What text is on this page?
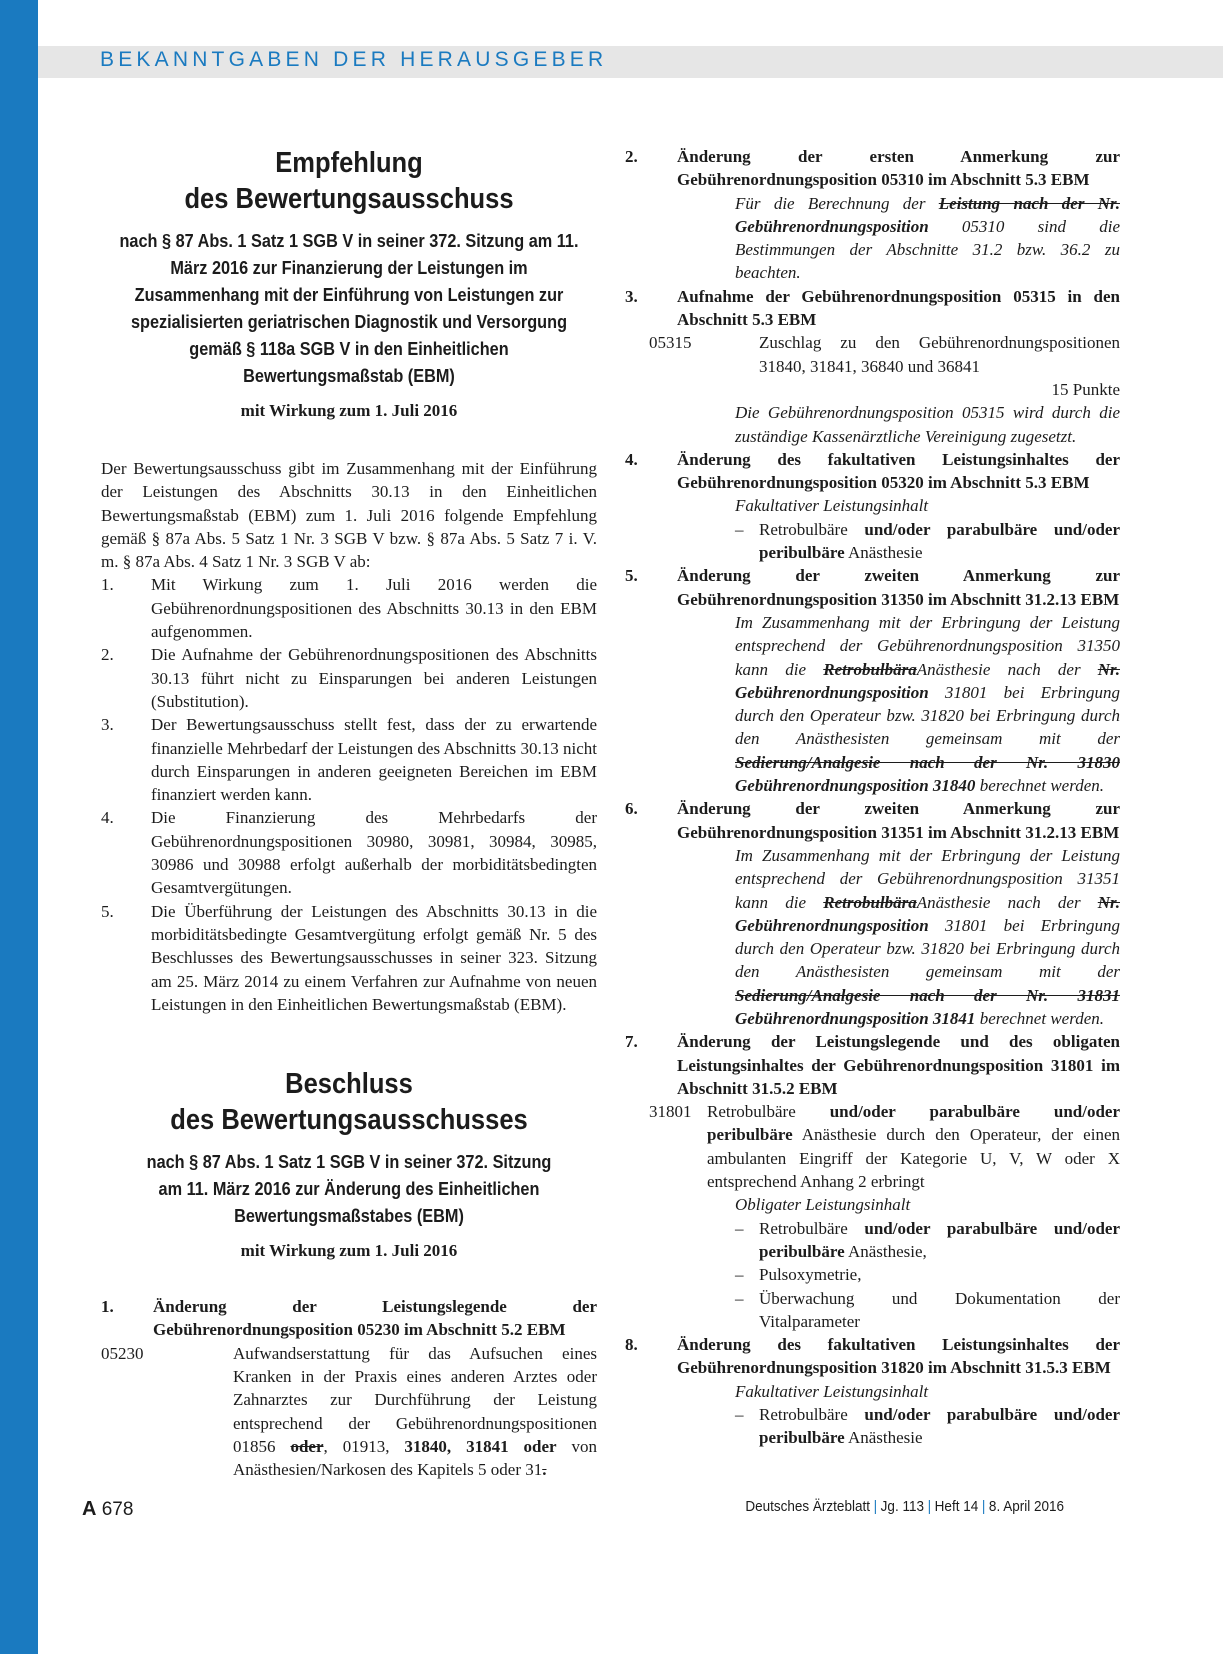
BEKANNTGABEN DER HERAUSGEBER
Empfehlung
des Bewertungsausschuss
nach § 87 Abs. 1 Satz 1 SGB V in seiner 372. Sitzung am 11. März 2016 zur Finanzierung der Leistungen im Zusammenhang mit der Einführung von Leistungen zur spezialisierten geriatrischen Diagnostik und Versorgung gemäß § 118a SGB V in den Einheitlichen Bewertungsmaßstab (EBM)
mit Wirkung zum 1. Juli 2016

Der Bewertungsausschuss gibt im Zusammenhang mit der Einführung der Leistungen des Abschnitts 30.13 in den Einheitlichen Bewertungsmaßstab (EBM) zum 1. Juli 2016 folgende Empfehlung gemäß § 87a Abs. 5 Satz 1 Nr. 3 SGB V bzw. § 87a Abs. 5 Satz 7 i. V. m. § 87a Abs. 4 Satz 1 Nr. 3 SGB V ab:

1.	Mit Wirkung zum 1. Juli 2016 werden die Gebührenordnungspositionen des Abschnitts 30.13 in den EBM aufgenommen.
2.	Die Aufnahme der Gebührenordnungspositionen des Abschnitts 30.13 führt nicht zu Einsparungen bei anderen Leistungen (Substitution).
3.	Der Bewertungsausschuss stellt fest, dass der zu erwartende finanzielle Mehrbedarf der Leistungen des Abschnitts 30.13 nicht durch Einsparungen in anderen geeigneten Bereichen im EBM finanziert werden kann.
4.	Die Finanzierung des Mehrbedarfs der Gebührenordnungspositionen 30980, 30981, 30984, 30985, 30986 und 30988 erfolgt außerhalb der morbiditätsbedingten Gesamtvergütungen.
5.	Die Überführung der Leistungen des Abschnitts 30.13 in die morbiditätsbedingte Gesamtvergütung erfolgt gemäß Nr. 5 des Beschlusses des Bewertungsausschusses in seiner 323. Sitzung am 25. März 2014 zu einem Verfahren zur Aufnahme von neuen Leistungen in den Einheitlichen Bewertungsmaßstab (EBM).
Beschluss
des Bewertungsausschusses
nach § 87 Abs. 1 Satz 1 SGB V in seiner 372. Sitzung am 11. März 2016 zur Änderung des Einheitlichen Bewertungsmaßstabes (EBM)
mit Wirkung zum 1. Juli 2016
1.	Änderung der Leistungslegende der Gebührenordnungsposition 05230 im Abschnitt 5.2 EBM
05230	Aufwandserstattung für das Aufsuchen eines Kranken in der Praxis eines anderen Arztes oder Zahnarztes zur Durchführung der Leistung entsprechend der Gebührenordnungspositionen 01856 oder, 01913, 31840, 31841 oder von Anästhesien/Narkosen des Kapitels 5 oder 31.
2.	Änderung der ersten Anmerkung zur Gebührenordnungsposition 05310 im Abschnitt 5.3 EBM
Für die Berechnung der Leistung nach der Nr. Gebührenordnungsposition 05310 sind die Bestimmungen der Abschnitte 31.2 bzw. 36.2 zu beachten.
3.	Aufnahme der Gebührenordnungsposition 05315 in den Abschnitt 5.3 EBM
05315	Zuschlag zu den Gebührenordnungspositionen 31840, 31841, 36840 und 36841
15 Punkte
Die Gebührenordnungsposition 05315 wird durch die zuständige Kassenärztliche Vereinigung zugesetzt.
4.	Änderung des fakultativen Leistungsinhaltes der Gebührenordnungsposition 05320 im Abschnitt 5.3 EBM
Fakultativer Leistungsinhalt
– Retrobulbäre und/oder parabulbäre und/oder peribulbäre Anästhesie
5.	Änderung der zweiten Anmerkung zur Gebührenordnungsposition 31350 im Abschnitt 31.2.13 EBM
Im Zusammenhang mit der Erbringung der Leistung entsprechend der Gebührenordnungsposition 31350 kann die RetrobulbäraAnästhesie nach der Nr. Gebührenordnungsposition 31801 bei Erbringung durch den Operateur bzw. 31820 bei Erbringung durch den Anästhesisten gemeinsam mit der Sedierung/Analgesie nach der Nr. 31830 Gebührenordnungsposition 31840 berechnet werden.
6.	Änderung der zweiten Anmerkung zur Gebührenordnungsposition 31351 im Abschnitt 31.2.13 EBM
Im Zusammenhang mit der Erbringung der Leistung entsprechend der Gebührenordnungsposition 31351 kann die RetrobulbäraAnästhesie nach der Nr. Gebührenordnungsposition 31801 bei Erbringung durch den Operateur bzw. 31820 bei Erbringung durch den Anästhesisten gemeinsam mit der Sedierung/Analgesie nach der Nr. 31831 Gebührenordnungsposition 31841 berechnet werden.
7.	Änderung der Leistungslegende und des obligaten Leistungsinhaltes der Gebührenordnungsposition 31801 im Abschnitt 31.5.2 EBM
31801 Retrobulbäre und/oder parabulbäre und/oder peribulbäre Anästhesie durch den Operateur, der einen ambulanten Eingriff der Kategorie U, V, W oder X entsprechend Anhang 2 erbringt
Obligater Leistungsinhalt
– Retrobulbäre und/oder parabulbäre und/oder peribulbäre Anästhesie,
– Pulsoxymetrie,
– Überwachung und Dokumentation der Vitalparameter
8.	Änderung des fakultativen Leistungsinhaltes der Gebührenordnungsposition 31820 im Abschnitt 31.5.3 EBM
Fakultativer Leistungsinhalt
– Retrobulbäre und/oder parabulbäre und/oder peribulbäre Anästhesie
A 678	Deutsches Ärzteblatt | Jg. 113 | Heft 14 | 8. April 2016
